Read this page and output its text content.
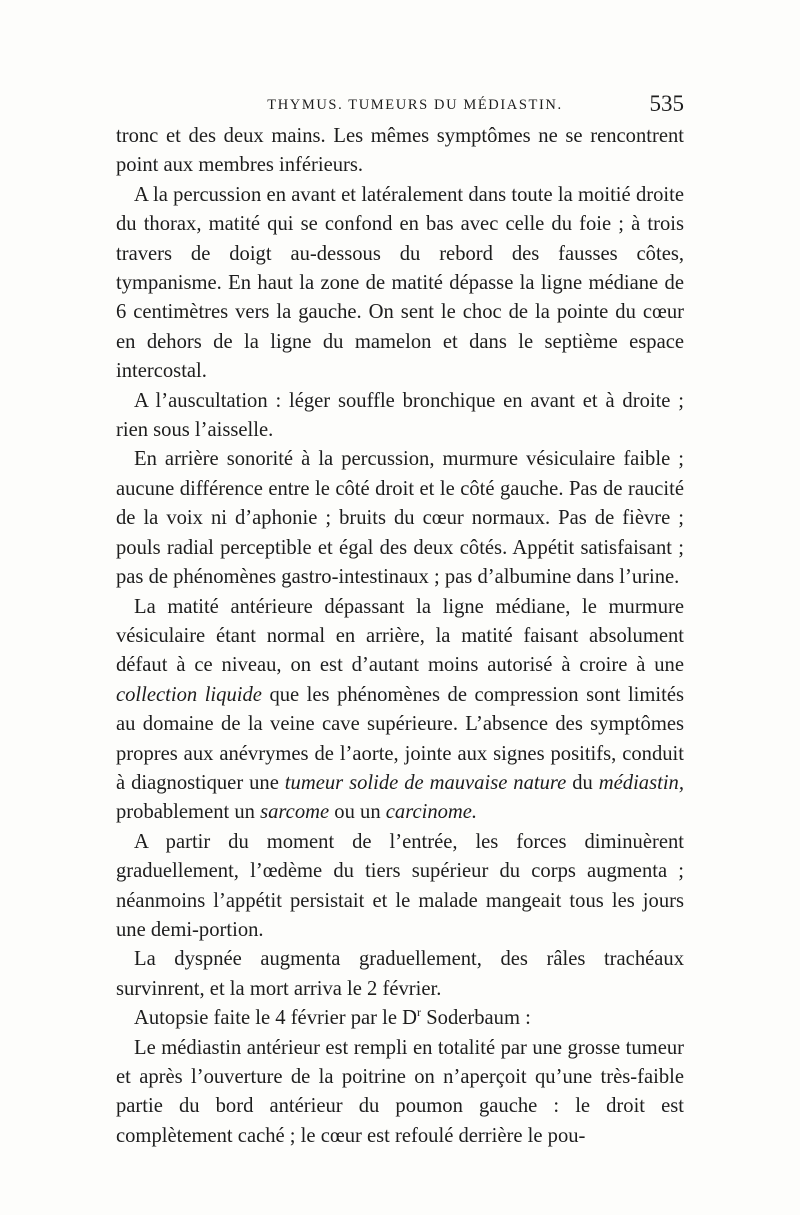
THYMUS. TUMEURS DU MÉDIASTIN.	535

tronc et des deux mains. Les mêmes symptômes ne se rencontrent point aux membres inférieurs.

A la percussion en avant et latéralement dans toute la moitié droite du thorax, matité qui se confond en bas avec celle du foie ; à trois travers de doigt au-dessous du rebord des fausses côtes, tympanisme. En haut la zone de matité dépasse la ligne médiane de 6 centimètres vers la gauche. On sent le choc de la pointe du cœur en dehors de la ligne du mamelon et dans le septième espace intercostal.

A l’auscultation : léger souffle bronchique en avant et à droite ; rien sous l’aisselle.

En arrière sonorité à la percussion, murmure vésiculaire faible ; aucune différence entre le côté droit et le côté gauche. Pas de raucité de la voix ni d’aphonie ; bruits du cœur normaux. Pas de fièvre ; pouls radial perceptible et égal des deux côtés. Appétit satisfaisant ; pas de phénomènes gastro-intestinaux ; pas d’albumine dans l’urine.

La matité antérieure dépassant la ligne médiane, le murmure vésiculaire étant normal en arrière, la matité faisant absolument défaut à ce niveau, on est d’autant moins autorisé à croire à une collection liquide que les phénomènes de compression sont limités au domaine de la veine cave supérieure. L’absence des symptômes propres aux anévrymes de l’aorte, jointe aux signes positifs, conduit à diagnostiquer une tumeur solide de mauvaise nature du médiastin, probablement un sarcome ou un carcinome.

A partir du moment de l’entrée, les forces diminuèrent graduellement, l’œdème du tiers supérieur du corps augmenta ; néanmoins l’appétit persistait et le malade mangeait tous les jours une demi-portion.

La dyspnée augmenta graduellement, des râles trachéaux survinrent, et la mort arriva le 2 février.

Autopsie faite le 4 février par le $D^r$ Soderbaum :

Le médiastin antérieur est rempli en totalité par une grosse tumeur et après l’ouverture de la poitrine on n’aperçoit qu’une très-faible partie du bord antérieur du poumon gauche : le droit est complètement caché ; le cœur est refoulé derrière le pou-
